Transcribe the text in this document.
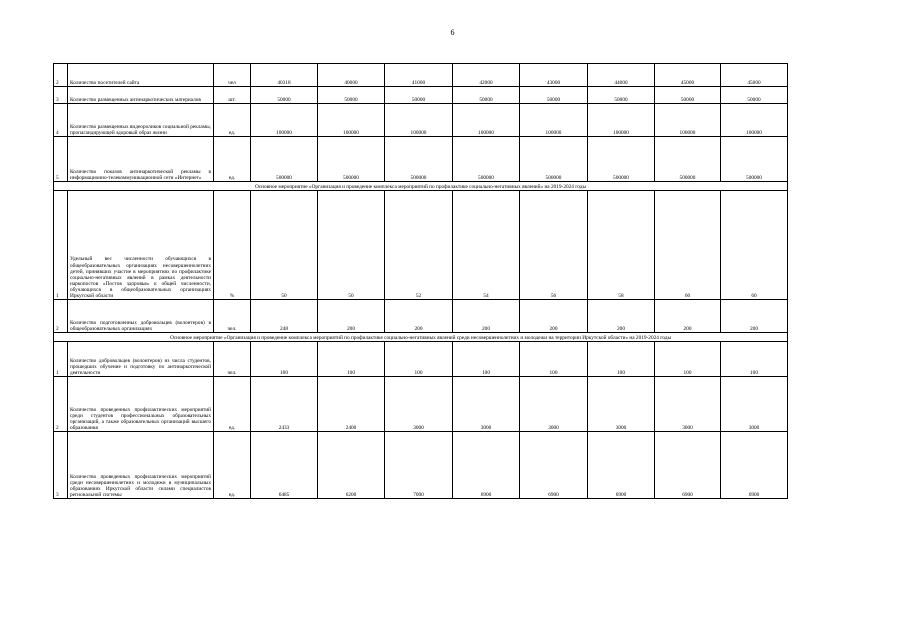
6
2	Количество посетителей сайта	чел	40318	40000	41000	42000	43000	44000	45000	45000
3	Количество размещенных антинаркотических материалов	шт.	50000	50000	50000	50000	50000	50000	50000	50000
4	Количество размещенных видеороликов социальной рекламы, пропагандирующей здоровый образ жизни	ед.	100000	100000	100000	100000	100000	100000	100000	100000
5	Количество показов антинаркотической рекламы в информационно-телекоммуникационной сети «Интернет»	ед.	500000	500000	500000	500000	500000	500000	500000	500000
Основное мероприятие «Организация и проведение комплекса мероприятий по профилактике социально-негативных явлений» на 2019-2024 годы										
1	Удельный вес численности обучающихся в общеобразовательных организациях несовершеннолетних детей, принявших участие в мероприятиях по профилактике социально-негативных явлений в рамках деятельности наркопостов «Постов здоровья» к общей численности, обучающихся в общеобразовательных организациях Иркутской области	%	50	50	52	54	56	58	60	60
2	Количество подготовленных добровольцев (волонтеров) в общеобразовательных организациях	чел.	248	200	200	200	200	200	200	200
Основное мероприятие «Организация и проведение комплекса мероприятий по профилактике социально-негативных явлений среди несовершеннолетних и молодежи на территории Иркутской области» на 2019-2024 годы										
1	Количество добровольцев (волонтеров) из числа студентов, прошедших обучение и подготовку по антинаркотической деятельности	чел.	100	100	100	100	100	100	100	100
2	Количество проведенных профилактических мероприятий среди студентов профессиональных образовательных организаций, а также образовательных организаций высшего образования	ед.	2433	2400	3000	3000	3000	3000	3000	3000
3	Количество проведенных профилактических мероприятий среди несовершеннолетних и молодежи в муниципальных образованиях Иркутской области силами специалистов региональной системы	ед.	6485	6200	7000	6900	6900	6900	6900	6900
